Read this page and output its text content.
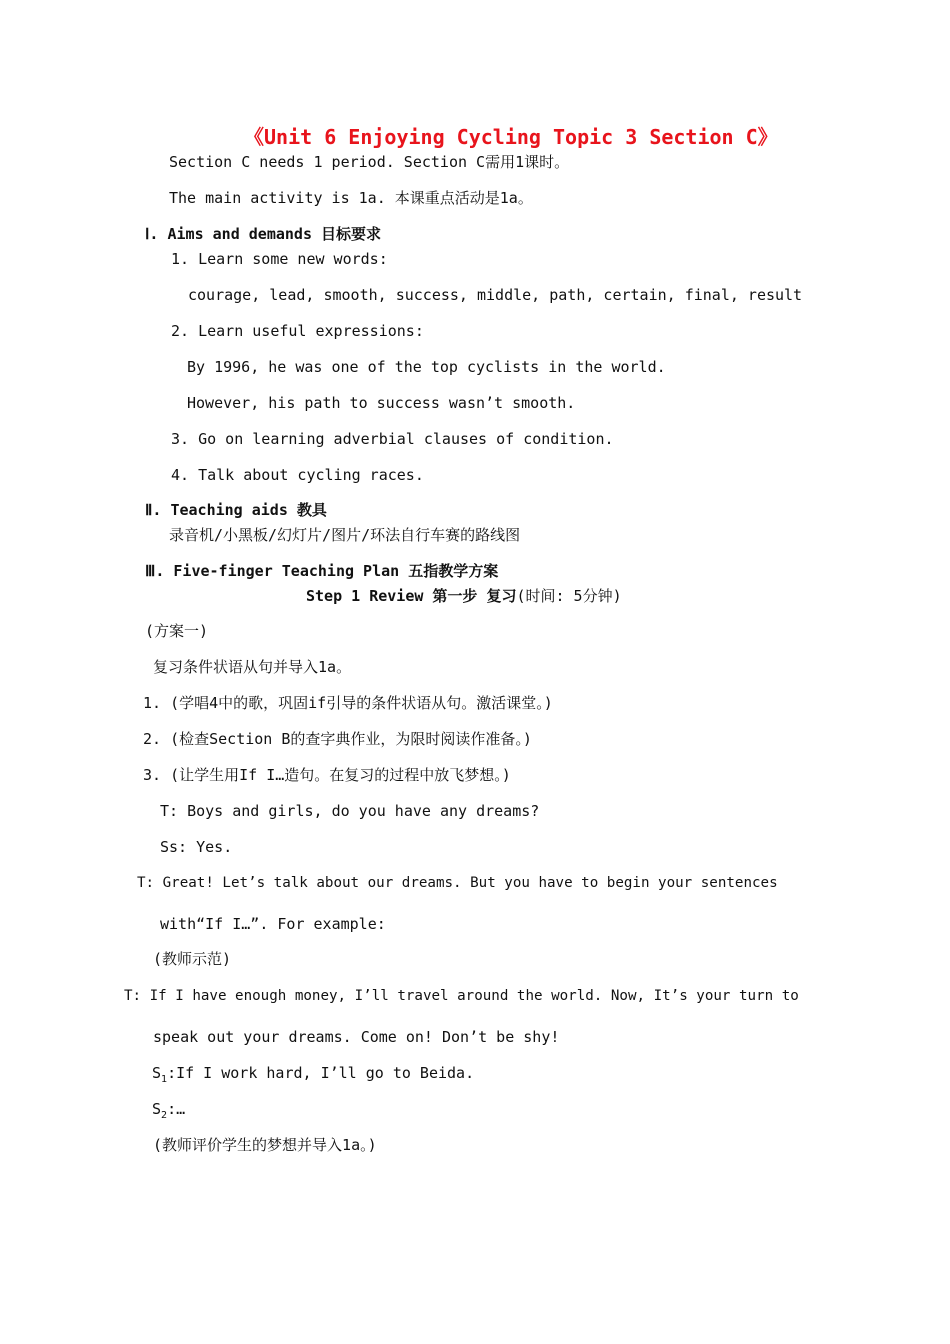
《Unit 6 Enjoying Cycling Topic 3 Section C》
Section C needs 1 period. Section C需用1课时。
The main activity is 1a. 本课重点活动是1a。
Ⅰ. Aims and demands 目标要求
1. Learn some new words:
courage, lead, smooth, success, middle, path, certain, final, result
2. Learn useful expressions:
By 1996, he was one of the top cyclists in the world.
However, his path to success wasn’t smooth.
3. Go on learning adverbial clauses of condition.
4. Talk about cycling races.
Ⅱ. Teaching aids 教具
录音机/小黑板/幻灯片/图片/环法自行车赛的路线图
Ⅲ. Five-finger Teaching Plan 五指教学方案
Step 1 Review 第一步 复习(时间: 5分钟)
(方案一)
复习条件状语从句并导入1a。
1. (学唱4中的歌，巩固if引导的条件状语从句。激活课堂。)
2. (检查Section B的查字典作业，为限时阅读作准备。)
3. (让学生用If I…造句。在复习的过程中放飞梦想。)
T: Boys and girls, do you have any dreams?
Ss: Yes.
T: Great! Let’s talk about our dreams. But you have to begin your sentences
with“If I…”. For example:
(教师示范)
T: If I have enough money, I’ll travel around the world. Now, It’s your turn to
speak out your dreams. Come on! Don’t be shy!
$S_1:If$ I work hard, I’ll go to Beida.
$S_2:\dots$
(教师评价学生的梦想并导入1a。)
